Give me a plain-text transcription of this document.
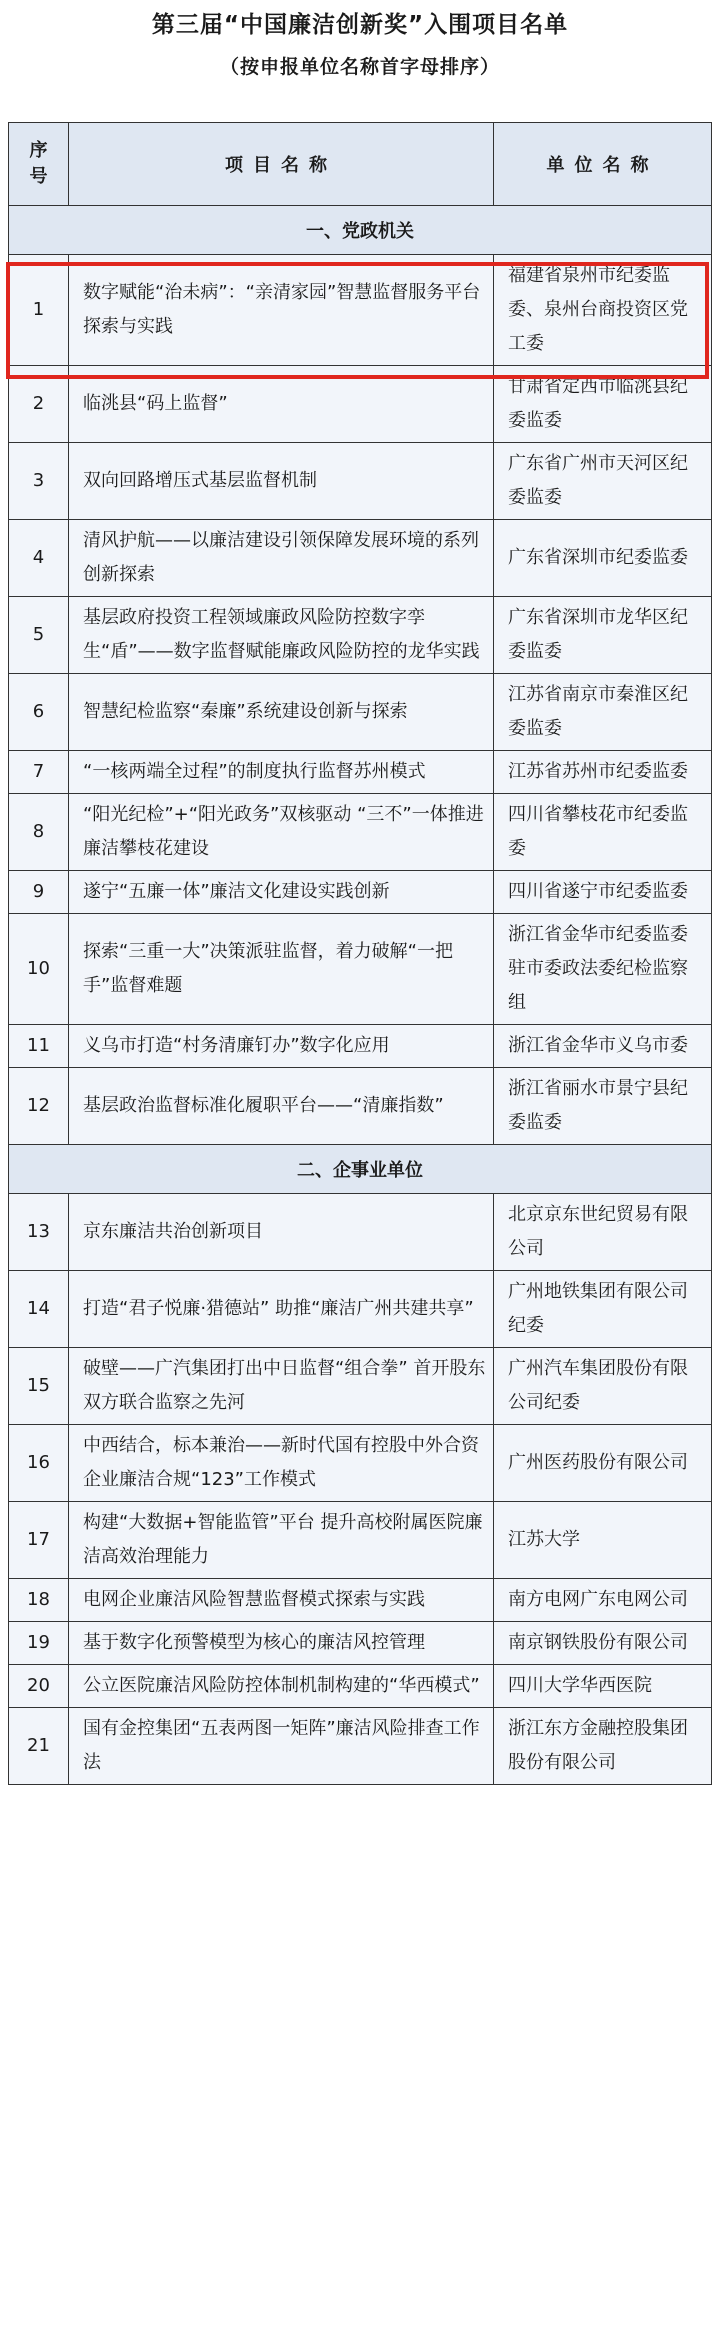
第三届“中国廉洁创新奖”入围项目名单
（按申报单位名称首字母排序）
序
号	项目名称	单位名称
一、党政机关		
1	数字赋能“治未病”：“亲清家园”智慧监督服务平台探索与实践	福建省泉州市纪委监委、泉州台商投资区党工委
2	临洮县“码上监督”	甘肃省定西市临洮县纪委监委
3	双向回路增压式基层监督机制	广东省广州市天河区纪委监委
4	清风护航——以廉洁建设引领保障发展环境的系列创新探索	广东省深圳市纪委监委
5	基层政府投资工程领域廉政风险防控数字孪生“盾”——数字监督赋能廉政风险防控的龙华实践	广东省深圳市龙华区纪委监委
6	智慧纪检监察“秦廉”系统建设创新与探索	江苏省南京市秦淮区纪委监委
7	“一核两端全过程”的制度执行监督苏州模式	江苏省苏州市纪委监委
8	“阳光纪检”+“阳光政务”双核驱动 “三不”一体推进廉洁攀枝花建设	四川省攀枝花市纪委监委
9	遂宁“五廉一体”廉洁文化建设实践创新	四川省遂宁市纪委监委
10	探索“三重一大”决策派驻监督，着力破解“一把手”监督难题	浙江省金华市纪委监委驻市委政法委纪检监察组
11	义乌市打造“村务清廉钉办”数字化应用	浙江省金华市义乌市委
12	基层政治监督标准化履职平台——“清廉指数”	浙江省丽水市景宁县纪委监委
二、企事业单位		
13	京东廉洁共治创新项目	北京京东世纪贸易有限公司
14	打造“君子悦廉·猎德站” 助推“廉洁广州共建共享”	广州地铁集团有限公司纪委
15	破壁——广汽集团打出中日监督“组合拳” 首开股东双方联合监察之先河	广州汽车集团股份有限公司纪委
16	中西结合，标本兼治——新时代国有控股中外合资企业廉洁合规“123”工作模式	广州医药股份有限公司
17	构建“大数据+智能监管”平台 提升高校附属医院廉洁高效治理能力	江苏大学
18	电网企业廉洁风险智慧监督模式探索与实践	南方电网广东电网公司
19	基于数字化预警模型为核心的廉洁风控管理	南京钢铁股份有限公司
20	公立医院廉洁风险防控体制机制构建的“华西模式”	四川大学华西医院
21	国有金控集团“五表两图一矩阵”廉洁风险排查工作法	浙江东方金融控股集团股份有限公司
